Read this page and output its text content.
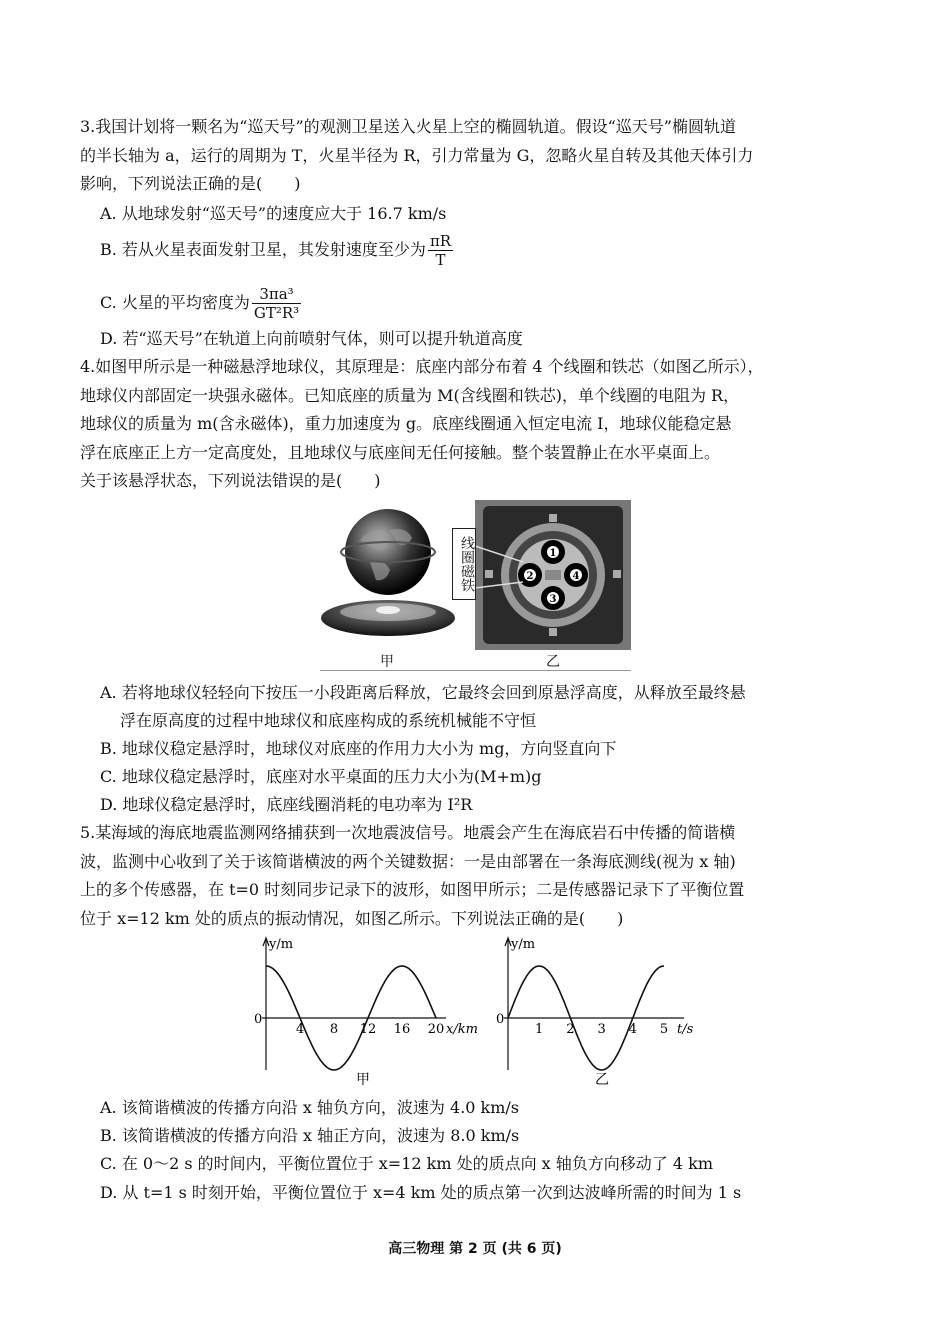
3.我国计划将一颗名为“巡天号”的观测卫星送入火星上空的椭圆轨道。假设“巡天号”椭圆轨道
的半长轴为 a，运行的周期为 T，火星半径为 R，引力常量为 G，忽略火星自转及其他天体引力
影响，下列说法正确的是(　　)
A. 从地球发射“巡天号”的速度应大于 16.7 km/s
B. 若从火星表面发射卫星，其发射速度至少为 $\frac{\pi R}{T}$
C. 火星的平均密度为 $\frac{\text{3πa³}}{\text{GT²R³}}$
D. 若“巡天号”在轨道上向前喷射气体，则可以提升轨道高度
4.如图甲所示是一种磁悬浮地球仪，其原理是：底座内部分布着 4 个线圈和铁芯（如图乙所示），
地球仪内部固定一块强永磁体。已知底座的质量为 M(含线圈和铁芯)，单个线圈的电阻为 R，
地球仪的质量为 m(含永磁体)，重力加速度为 g。底座线圈通入恒定电流 I，地球仪能稳定悬
浮在底座正上方一定高度处，且地球仪与底座间无任何接触。整个装置静止在水平桌面上。
关于该悬浮状态，下列说法错误的是(　　)
1
2
3
4
线圈磁铁
甲	乙
A. 若将地球仪轻轻向下按压一小段距离后释放，它最终会回到原悬浮高度，从释放至最终悬
浮在原高度的过程中地球仪和底座构成的系统机械能不守恒
B. 地球仪稳定悬浮时，地球仪对底座的作用力大小为 mg，方向竖直向下
C. 地球仪稳定悬浮时，底座对水平桌面的压力大小为(M+m)g
D. 地球仪稳定悬浮时，底座线圈消耗的电功率为 I²R
5.某海域的海底地震监测网络捕获到一次地震波信号。地震会产生在海底岩石中传播的简谐横
波，监测中心收到了关于该简谐横波的两个关键数据：一是由部署在一条海底测线(视为 x 轴)
上的多个传感器，在 t=0 时刻同步记录下的波形，如图甲所示；二是传感器记录下了平衡位置
位于 x=12 km 处的质点的振动情况，如图乙所示。下列说法正确的是(　　)
y/m
0
4 8 12 16 20 x/km
甲
y/m
0
1 2 3 4 5 t/s
乙
A. 该简谐横波的传播方向沿 x 轴负方向，波速为 4.0 km/s
B. 该简谐横波的传播方向沿 x 轴正方向，波速为 8.0 km/s
C. 在 0～2 s 的时间内，平衡位置位于 x=12 km 处的质点向 x 轴负方向移动了 4 km
D. 从 t=1 s 时刻开始，平衡位置位于 x=4 km 处的质点第一次到达波峰所需的时间为 1 s
高三物理 第 2 页 (共 6 页)
